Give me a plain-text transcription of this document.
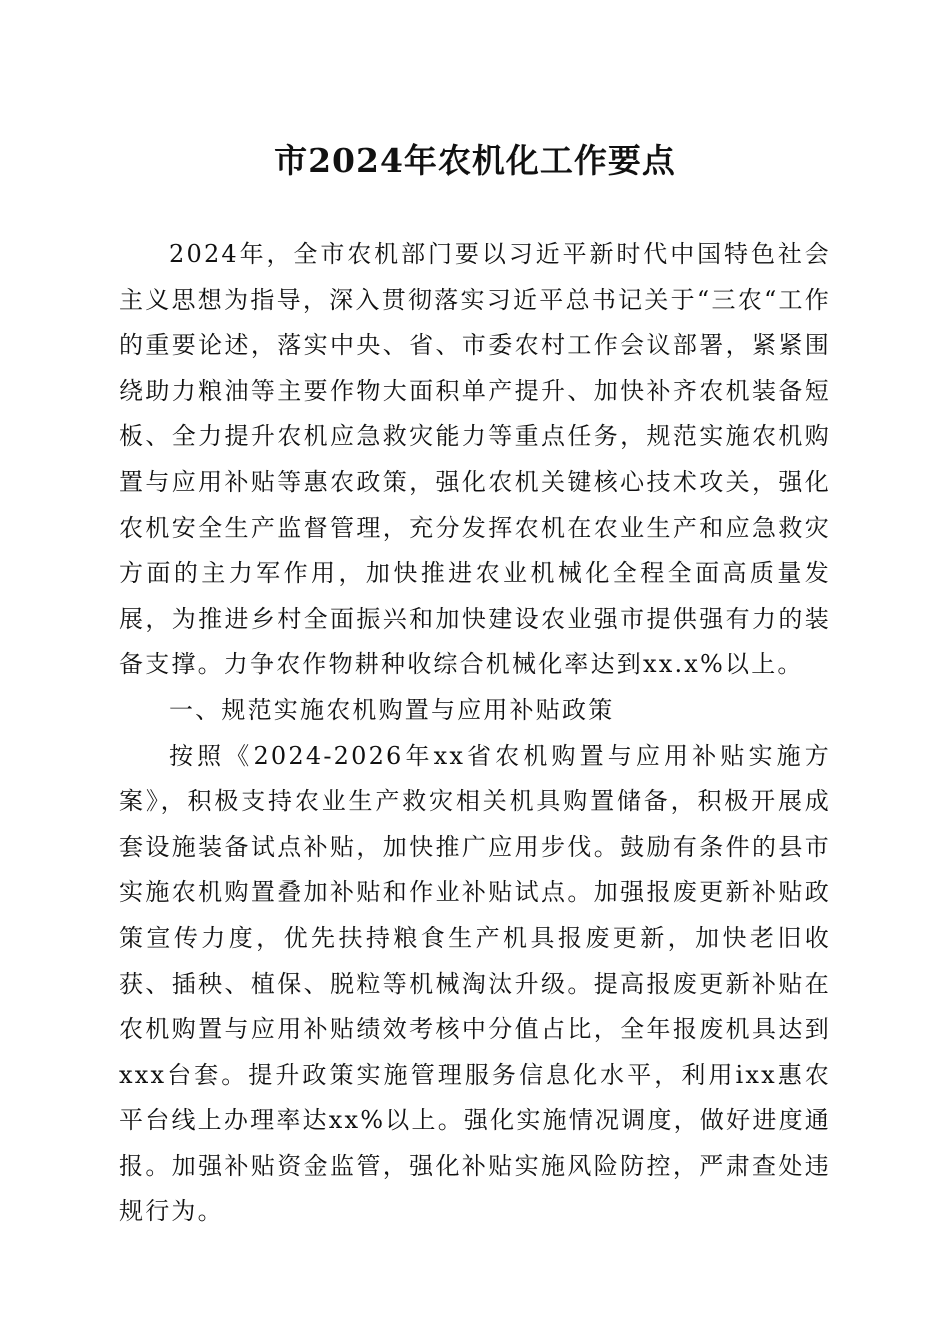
市2024年农机化工作要点

2024年，全市农机部门要以习近平新时代中国特色社会主义思想为指导，深入贯彻落实习近平总书记关于“三农“工作的重要论述，落实中央、省、市委农村工作会议部署，紧紧围绕助力粮油等主要作物大面积单产提升、加快补齐农机装备短板、全力提升农机应急救灾能力等重点任务，规范实施农机购置与应用补贴等惠农政策，强化农机关键核心技术攻关，强化农机安全生产监督管理，充分发挥农机在农业生产和应急救灾方面的主力军作用，加快推进农业机械化全程全面高质量发展，为推进乡村全面振兴和加快建设农业强市提供强有力的装备支撑。力争农作物耕种收综合机械化率达到xx.x%以上。

一、规范实施农机购置与应用补贴政策

按照《2024-2026年xx省农机购置与应用补贴实施方案》，积极支持农业生产救灾相关机具购置储备，积极开展成套设施装备试点补贴，加快推广应用步伐。鼓励有条件的县市实施农机购置叠加补贴和作业补贴试点。加强报废更新补贴政策宣传力度，优先扶持粮食生产机具报废更新，加快老旧收获、插秧、植保、脱粒等机械淘汰升级。提高报废更新补贴在农机购置与应用补贴绩效考核中分值占比，全年报废机具达到xxx台套。提升政策实施管理服务信息化水平，利用ixx惠农平台线上办理率达xx%以上。强化实施情况调度，做好进度通报。加强补贴资金监管，强化补贴实施风险防控，严肃查处违规行为。
